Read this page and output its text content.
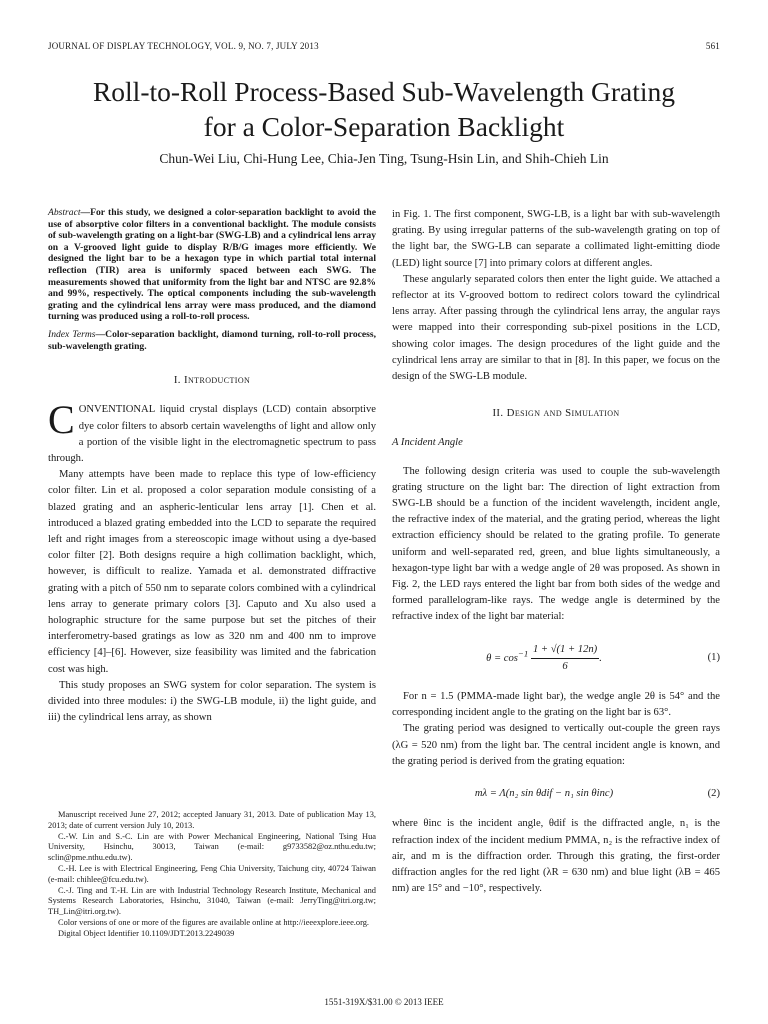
JOURNAL OF DISPLAY TECHNOLOGY, VOL. 9, NO. 7, JULY 2013	561
Roll-to-Roll Process-Based Sub-Wavelength Grating
for a Color-Separation Backlight
Chun-Wei Liu, Chi-Hung Lee, Chia-Jen Ting, Tsung-Hsin Lin, and Shih-Chieh Lin
Abstract—For this study, we designed a color-separation backlight to avoid the use of absorptive color filters in a conventional backlight. The module consists of sub-wavelength grating on a light-bar (SWG-LB) and a cylindrical lens array on a V-grooved light guide to display R/B/G images more efficiently. We designed the light bar to be a hexagon type in which partial total internal reflection (TIR) area is uniformly spaced between each SWG. The measurements showed that uniformity from the light bar and NTSC are 92.8% and 99%, respectively. The optical components including the sub-wavelength grating and the cylindrical lens array were mass produced, and the diamond turning was produced using a roll-to-roll process.
Index Terms—Color-separation backlight, diamond turning, roll-to-roll process, sub-wavelength grating.
I. Introduction

CONVENTIONAL liquid crystal displays (LCD) contain absorptive dye color filters to absorb certain wavelengths of light and allow only a portion of the visible light in the electromagnetic spectrum to pass through.

Many attempts have been made to replace this type of low-efficiency color filter. Lin et al. proposed a color separation module consisting of a blazed grating and an aspheric-lenticular lens array [1]. Chen et al. introduced a blazed grating embedded into the LCD to separate the required left and right images from a stereoscopic image without using a dye-based color filter [2]. Both designs require a high collimation backlight, which, however, is difficult to realize. Yamada et al. demonstrated diffractive grating with a pitch of 550 nm to separate colors combined with a cylindrical lens array to generate primary colors [3]. Caputo and Xu also used a holographic structure for the same purpose but set the pitches of their interferometry-based gratings as low as 320 nm and 400 nm to improve efficiency [4]–[6]. However, size feasibility was limited and the fabrication cost was high.

This study proposes an SWG system for color separation. The system is divided into three modules: i) the SWG-LB module, ii) the light guide, and iii) the cylindrical lens array, as shown

Manuscript received June 27, 2012; accepted January 31, 2013. Date of publication May 13, 2013; date of current version July 10, 2013.

C.-W. Lin and S.-C. Lin are with Power Mechanical Engineering, National Tsing Hua University, Hsinchu, 30013, Taiwan (e-mail: g9733582@oz.nthu.edu.tw; sclin@pme.nthu.edu.tw).

C.-H. Lee is with Electrical Engineering, Feng Chia University, Taichung city, 40724 Taiwan (e-mail: chihlee@fcu.edu.tw).

C.-J. Ting and T.-H. Lin are with Industrial Technology Research Institute, Mechanical and Systems Research Laboratories, Hsinchu, 31040, Taiwan (e-mail: JerryTing@itri.org.tw; TH_Lin@itri.org.tw).

Color versions of one or more of the figures are available online at http://ieeexplore.ieee.org.

Digital Object Identifier 10.1109/JDT.2013.2249039

in Fig. 1. The first component, SWG-LB, is a light bar with sub-wavelength grating. By using irregular patterns of the sub-wavelength grating on top of the light bar, the SWG-LB can separate a collimated light-emitting diode (LED) light source [7] into primary colors at different angles.

These angularly separated colors then enter the light guide. We attached a reflector at its V-grooved bottom to redirect colors toward the cylindrical lens array. After passing through the cylindrical lens array, the angular rays were mapped into their corresponding sub-pixel positions in the LCD, showing color images. The design procedures of the light guide and the cylindrical lens array are similar to that in [8]. In this paper, we focus on the design of the SWG-LB module.

II. Design and Simulation
A Incident Angle

The following design criteria was used to couple the sub-wavelength grating structure on the light bar: The direction of light extraction from SWG-LB should be a function of the incident wavelength, incident angle, the refractive index of the material, and the grating period, whereas the light extraction efficiency should be related to the grating profile. To generate uniform and well-separated red, green, and blue lights simultaneously, a hexagon-type light bar with a wedge angle of 2θ was proposed. As shown in Fig. 2, the LED rays entered the light bar from both sides of the wedge and formed parallelogram-like rays. The wedge angle is determined by the refractive index of the light bar material:

$\theta = \cos^{-1} \frac{1 + √(1 + 12n)}{6}$ .	(1)

For n = 1.5 (PMMA-made light bar), the wedge angle 2θ is 54° and the corresponding incident angle to the grating on the light bar is 63°.

The grating period was designed to vertically out-couple the green rays (λG = 520 nm) from the light bar. The central incident angle is known, and the grating period is derived from the grating equation:

mλ = Λ(n₂ sin θdif − n₁ sin θinc)	(2)

where θinc is the incident angle, θdif is the diffracted angle, n₁ is the refraction index of the incident medium PMMA, n₂ is the refractive index of air, and m is the diffraction order. Through this grating, the first-order diffraction angles for the red light (λR = 630 nm) and blue light (λB = 465 nm) are 15° and −10°, respectively.

1551-319X/$31.00 © 2013 IEEE
